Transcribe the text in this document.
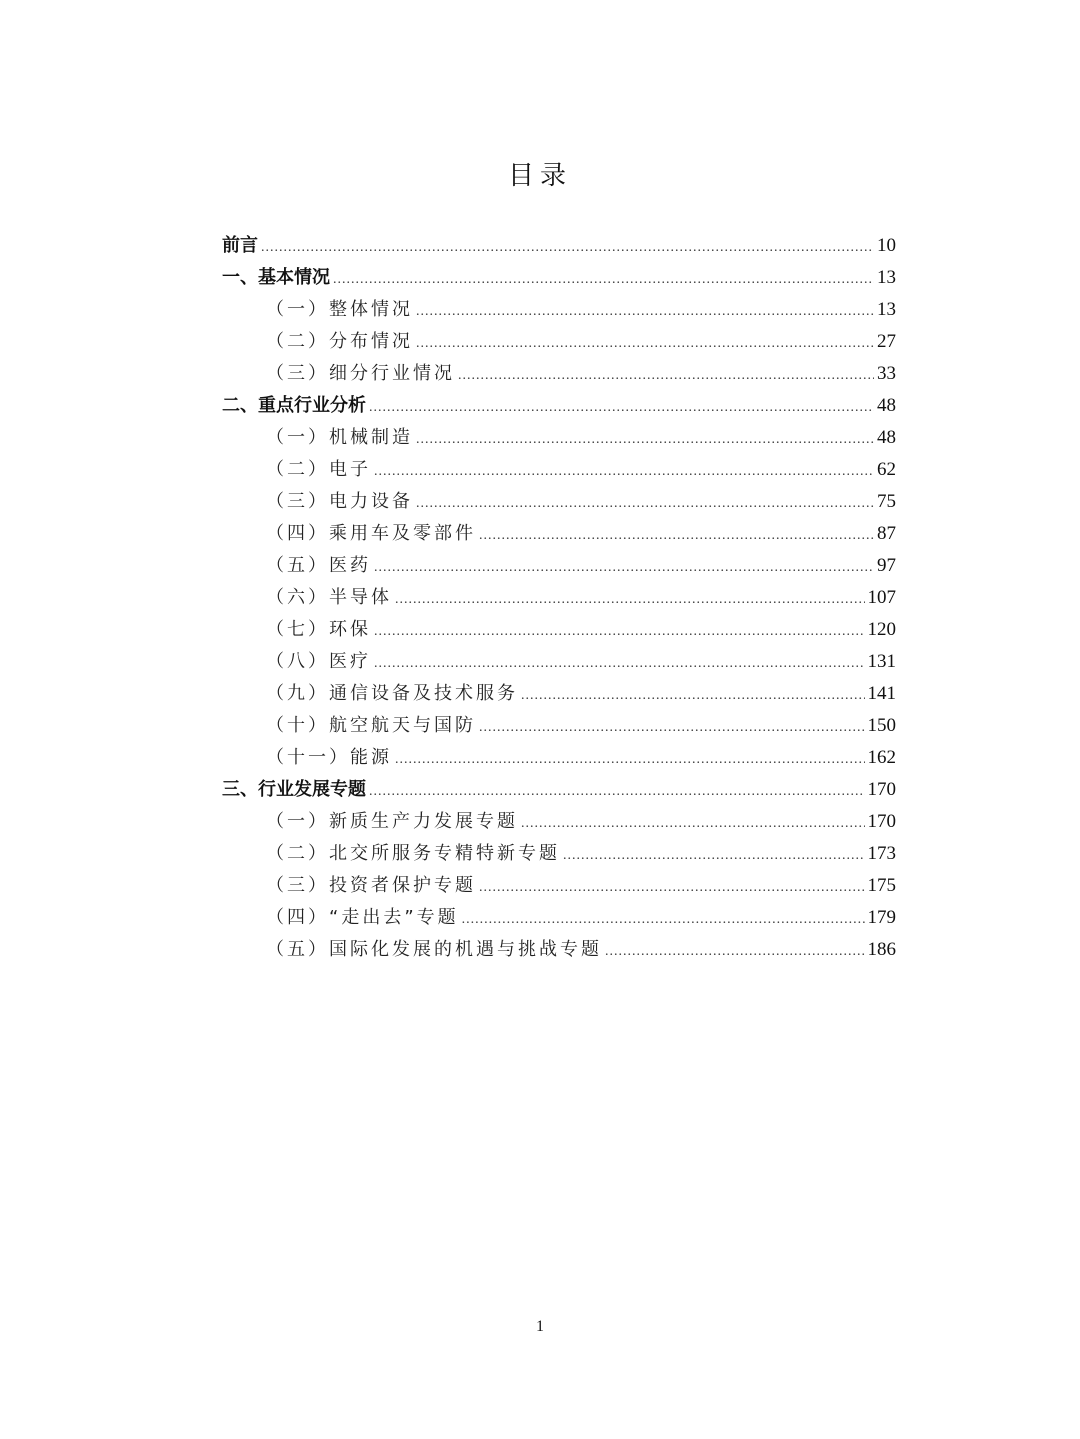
目录
前言 .....	10
一、基本情况 .....	13
（一）整体情况 .....	13
（二）分布情况 .....	27
（三）细分行业情况 .....	33
二、重点行业分析 .....	48
（一）机械制造 .....	48
（二）电子 .....	62
（三）电力设备 .....	75
（四）乘用车及零部件 .....	87
（五）医药 .....	97
（六）半导体 .....	107
（七）环保 .....	120
（八）医疗 .....	131
（九）通信设备及技术服务 .....	141
（十）航空航天与国防 .....	150
（十一）能源 .....	162
三、行业发展专题 .....	170
（一）新质生产力发展专题 .....	170
（二）北交所服务专精特新专题 .....	173
（三）投资者保护专题 .....	175
（四）“走出去”专题 .....	179
（五）国际化发展的机遇与挑战专题 .....	186
1
